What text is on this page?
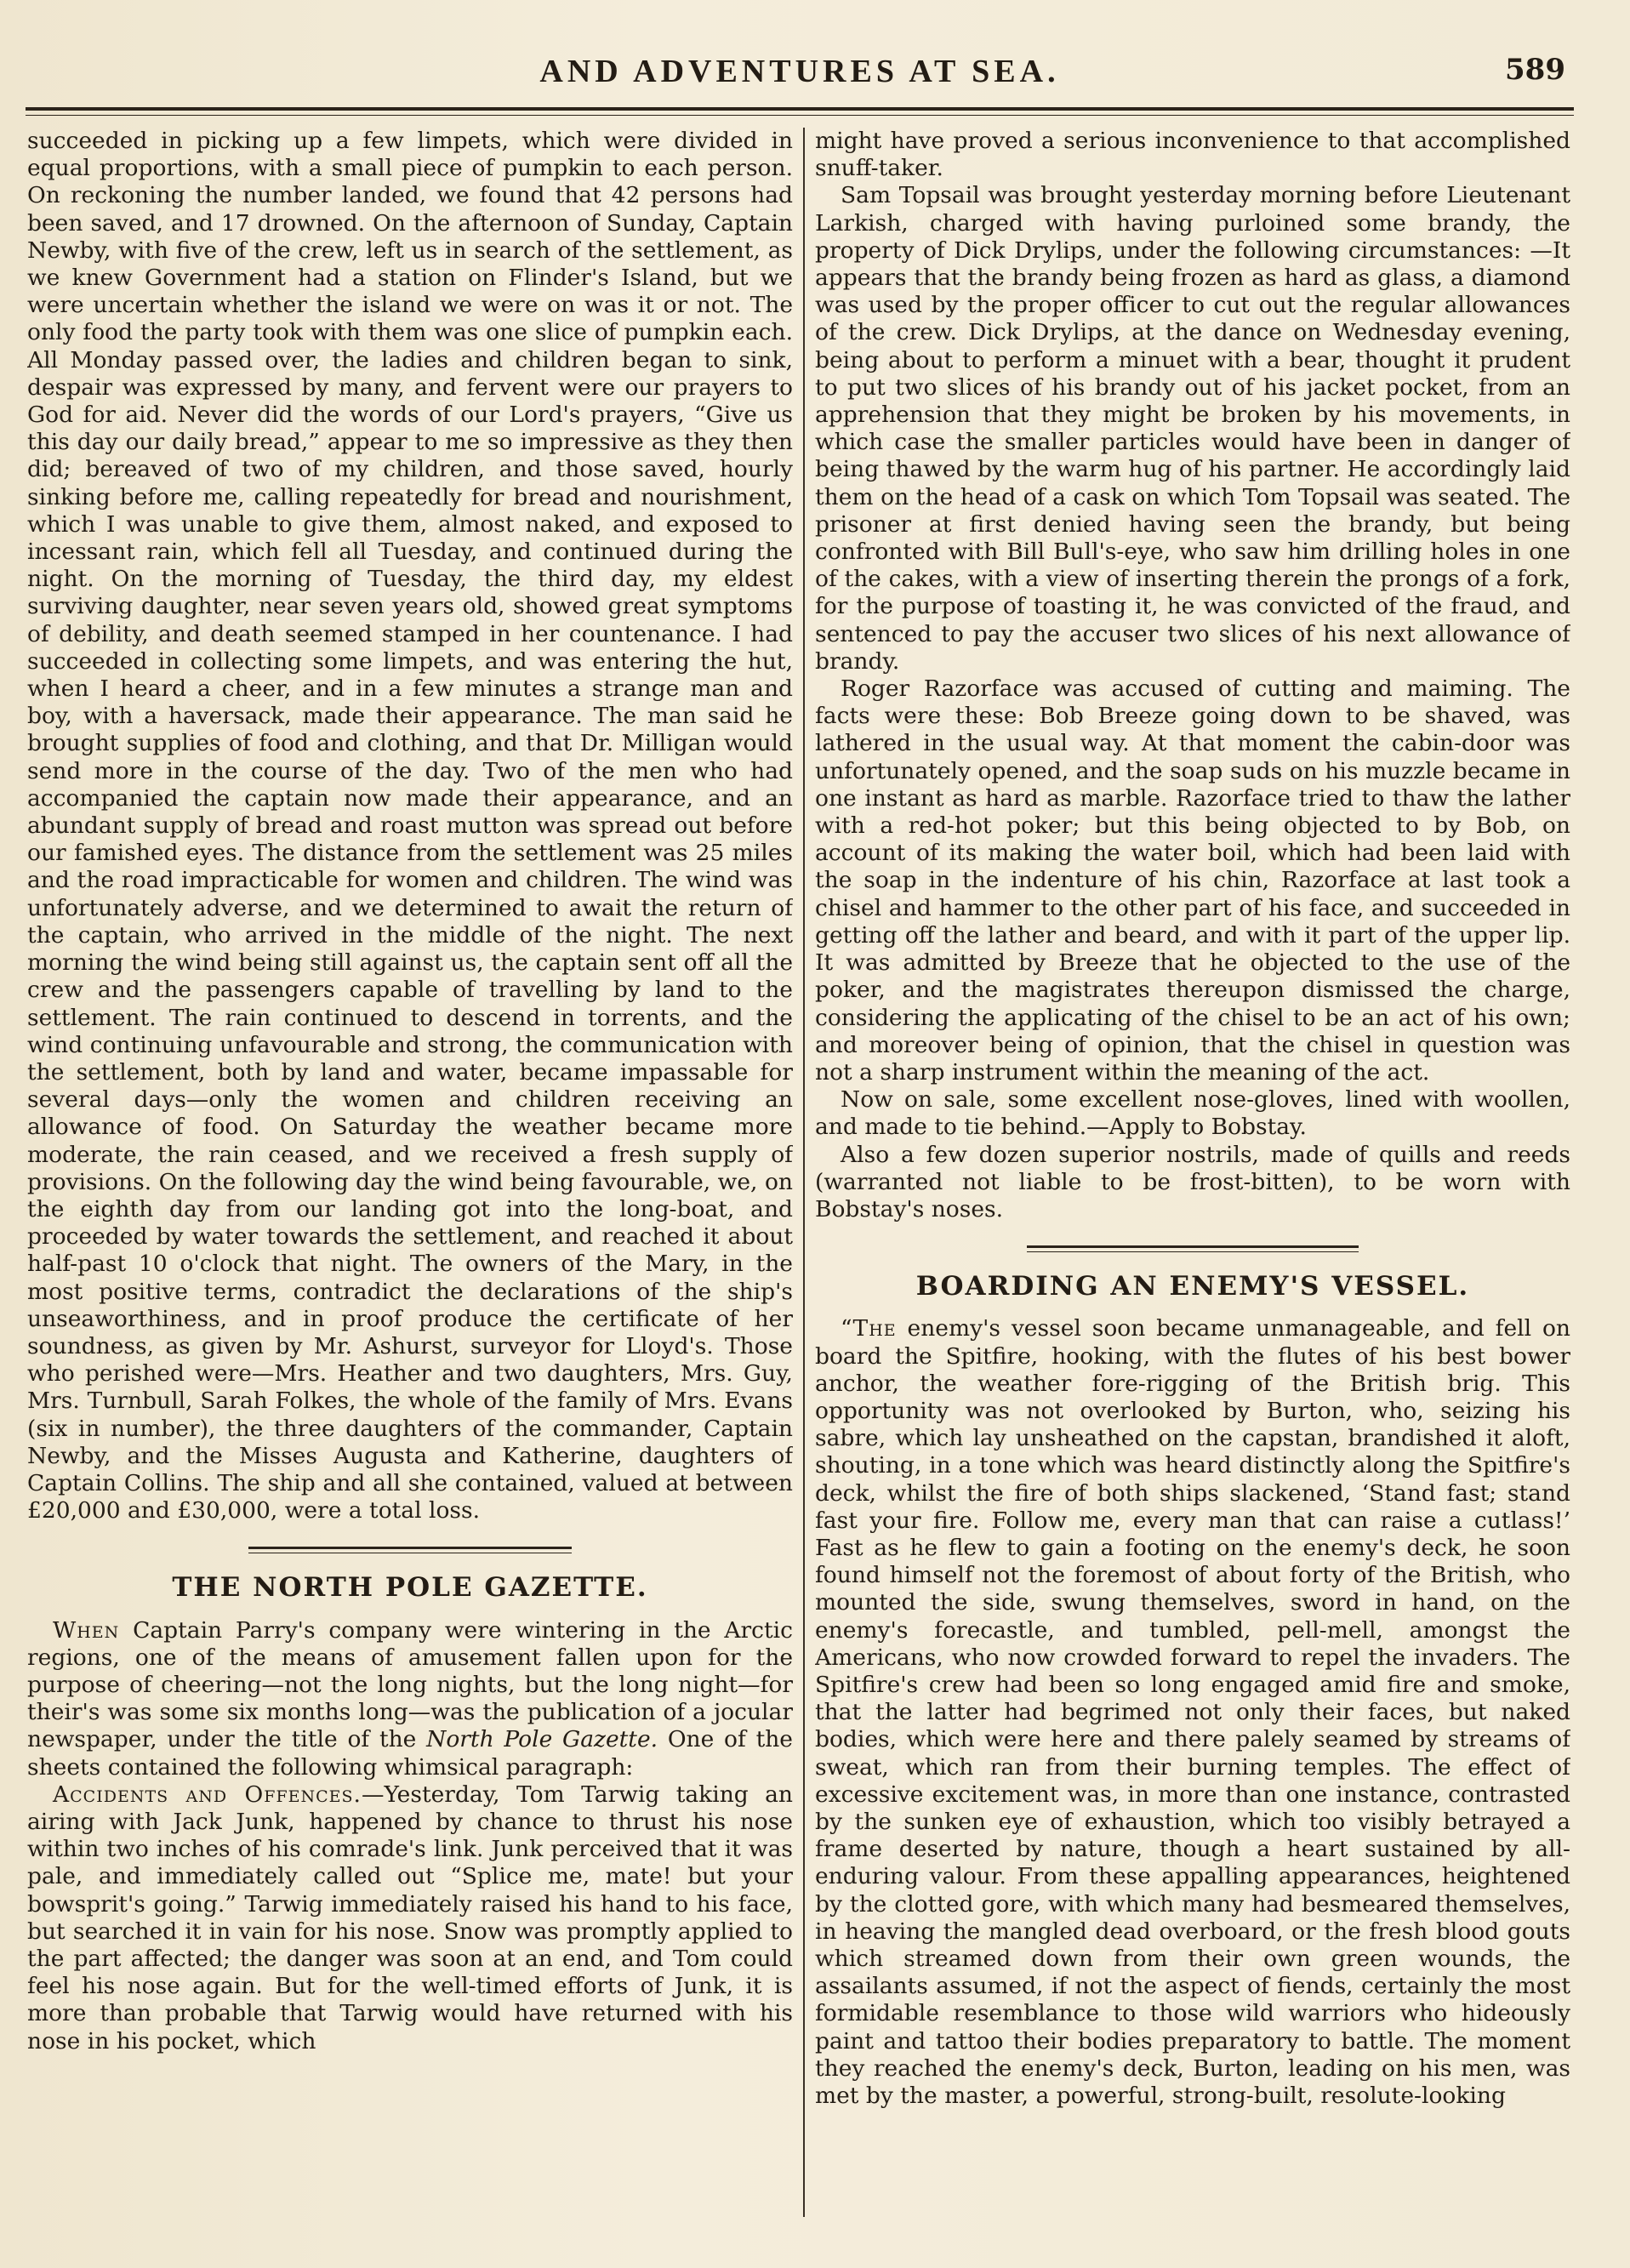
AND ADVENTURES AT SEA.	589

succeeded in picking up a few limpets, which were divided in equal proportions, with a small piece of pumpkin to each person. On reckoning the number landed, we found that 42 persons had been saved, and 17 drowned. On the afternoon of Sunday, Captain Newby, with five of the crew, left us in search of the settlement, as we knew Government had a station on Flinder's Island, but we were uncertain whether the island we were on was it or not. The only food the party took with them was one slice of pumpkin each. All Monday passed over, the ladies and children began to sink, despair was expressed by many, and fervent were our prayers to God for aid. Never did the words of our Lord's prayers, “Give us this day our daily bread,” appear to me so impressive as they then did; bereaved of two of my children, and those saved, hourly sinking before me, calling repeatedly for bread and nourishment, which I was unable to give them, almost naked, and exposed to incessant rain, which fell all Tuesday, and continued during the night. On the morning of Tuesday, the third day, my eldest surviving daughter, near seven years old, showed great symptoms of debility, and death seemed stamped in her countenance. I had succeeded in collecting some limpets, and was entering the hut, when I heard a cheer, and in a few minutes a strange man and boy, with a haversack, made their appearance. The man said he brought supplies of food and clothing, and that Dr. Milligan would send more in the course of the day. Two of the men who had accompanied the captain now made their appearance, and an abundant supply of bread and roast mutton was spread out before our famished eyes. The distance from the settlement was 25 miles and the road impracticable for women and children. The wind was unfortunately adverse, and we determined to await the return of the captain, who arrived in the middle of the night. The next morning the wind being still against us, the captain sent off all the crew and the passengers capable of travelling by land to the settlement. The rain continued to descend in torrents, and the wind continuing unfavourable and strong, the communication with the settlement, both by land and water, became impassable for several days—only the women and children receiving an allowance of food. On Saturday the weather became more moderate, the rain ceased, and we received a fresh supply of provisions. On the following day the wind being favourable, we, on the eighth day from our landing got into the long-boat, and proceeded by water towards the settlement, and reached it about half-past 10 o'clock that night. The owners of the Mary, in the most positive terms, contradict the declarations of the ship's unseaworthiness, and in proof produce the certificate of her soundness, as given by Mr. Ashurst, surveyor for Lloyd's. Those who perished were—Mrs. Heather and two daughters, Mrs. Guy, Mrs. Turnbull, Sarah Folkes, the whole of the family of Mrs. Evans (six in number), the three daughters of the commander, Captain Newby, and the Misses Augusta and Katherine, daughters of Captain Collins. The ship and all she contained, valued at between £20,000 and £30,000, were a total loss.

THE NORTH POLE GAZETTE.

When Captain Parry's company were wintering in the Arctic regions, one of the means of amusement fallen upon for the purpose of cheering—not the long nights, but the long night—for their's was some six months long—was the publication of a jocular newspaper, under the title of the North Pole Gazette. One of the sheets contained the following whimsical paragraph:

Accidents and Offences.—Yesterday, Tom Tarwig taking an airing with Jack Junk, happened by chance to thrust his nose within two inches of his comrade's link. Junk perceived that it was pale, and immediately called out “Splice me, mate! but your bowsprit's going.” Tarwig immediately raised his hand to his face, but searched it in vain for his nose. Snow was promptly applied to the part affected; the danger was soon at an end, and Tom could feel his nose again. But for the well-timed efforts of Junk, it is more than probable that Tarwig would have returned with his nose in his pocket, which

might have proved a serious inconvenience to that accomplished snuff-taker.

Sam Topsail was brought yesterday morning before Lieutenant Larkish, charged with having purloined some brandy, the property of Dick Drylips, under the following circumstances: —It appears that the brandy being frozen as hard as glass, a diamond was used by the proper officer to cut out the regular allowances of the crew. Dick Drylips, at the dance on Wednesday evening, being about to perform a minuet with a bear, thought it prudent to put two slices of his brandy out of his jacket pocket, from an apprehension that they might be broken by his movements, in which case the smaller particles would have been in danger of being thawed by the warm hug of his partner. He accordingly laid them on the head of a cask on which Tom Topsail was seated. The prisoner at first denied having seen the brandy, but being confronted with Bill Bull's-eye, who saw him drilling holes in one of the cakes, with a view of inserting therein the prongs of a fork, for the purpose of toasting it, he was convicted of the fraud, and sentenced to pay the accuser two slices of his next allowance of brandy.

Roger Razorface was accused of cutting and maiming. The facts were these: Bob Breeze going down to be shaved, was lathered in the usual way. At that moment the cabin-door was unfortunately opened, and the soap suds on his muzzle became in one instant as hard as marble. Razorface tried to thaw the lather with a red-hot poker; but this being objected to by Bob, on account of its making the water boil, which had been laid with the soap in the indenture of his chin, Razorface at last took a chisel and hammer to the other part of his face, and succeeded in getting off the lather and beard, and with it part of the upper lip. It was admitted by Breeze that he objected to the use of the poker, and the magistrates thereupon dismissed the charge, considering the applicating of the chisel to be an act of his own; and moreover being of opinion, that the chisel in question was not a sharp instrument within the meaning of the act.

Now on sale, some excellent nose-gloves, lined with woollen, and made to tie behind.—Apply to Bobstay.

Also a few dozen superior nostrils, made of quills and reeds (warranted not liable to be frost-bitten), to be worn with Bobstay's noses.

BOARDING AN ENEMY'S VESSEL.

“The enemy's vessel soon became unmanageable, and fell on board the Spitfire, hooking, with the flutes of his best bower anchor, the weather fore-rigging of the British brig. This opportunity was not overlooked by Burton, who, seizing his sabre, which lay unsheathed on the capstan, brandished it aloft, shouting, in a tone which was heard distinctly along the Spitfire's deck, whilst the fire of both ships slackened, ‘Stand fast; stand fast your fire. Follow me, every man that can raise a cutlass!’ Fast as he flew to gain a footing on the enemy's deck, he soon found himself not the foremost of about forty of the British, who mounted the side, swung themselves, sword in hand, on the enemy's forecastle, and tumbled, pell-mell, amongst the Americans, who now crowded forward to repel the invaders. The Spitfire's crew had been so long engaged amid fire and smoke, that the latter had begrimed not only their faces, but naked bodies, which were here and there palely seamed by streams of sweat, which ran from their burning temples. The effect of excessive excitement was, in more than one instance, contrasted by the sunken eye of exhaustion, which too visibly betrayed a frame deserted by nature, though a heart sustained by all-enduring valour. From these appalling appearances, heightened by the clotted gore, with which many had besmeared themselves, in heaving the mangled dead overboard, or the fresh blood gouts which streamed down from their own green wounds, the assailants assumed, if not the aspect of fiends, certainly the most formidable resemblance to those wild warriors who hideously paint and tattoo their bodies preparatory to battle. The moment they reached the enemy's deck, Burton, leading on his men, was met by the master, a powerful, strong-built, resolute-looking
